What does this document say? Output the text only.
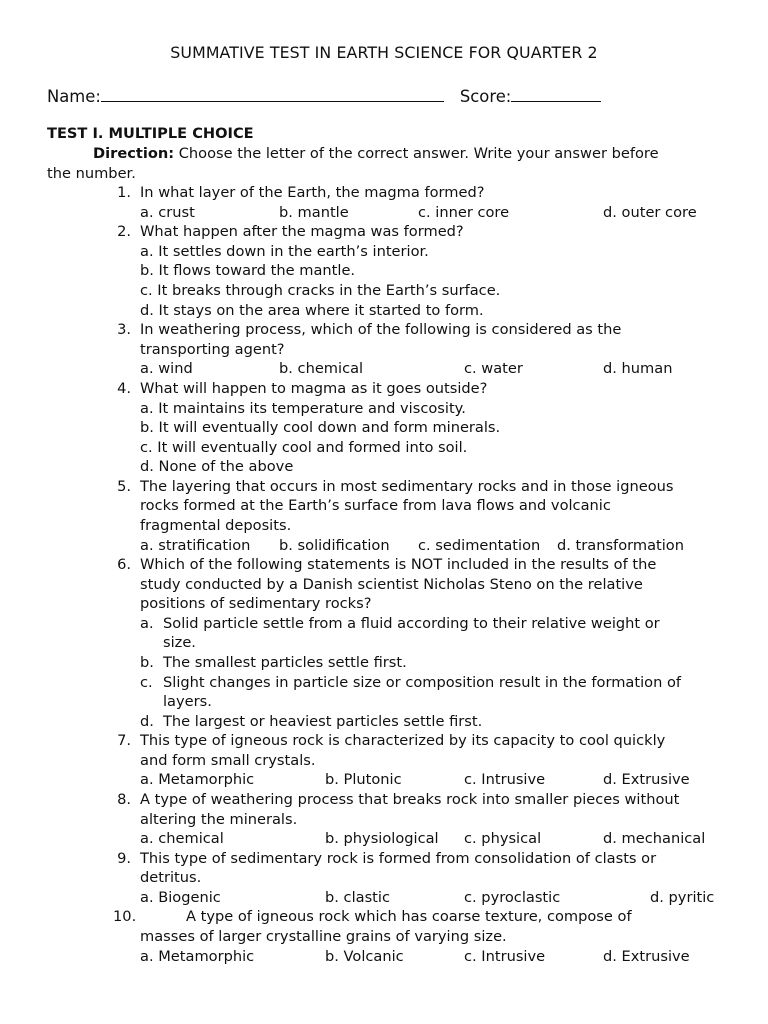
SUMMATIVE TEST IN EARTH SCIENCE FOR QUARTER 2
Name:	Score:
TEST I. MULTIPLE CHOICE
Direction: Choose the letter of the correct answer. Write your answer before
the number.
1. In what layer of the Earth, the magma formed?
a. crust	b. mantle	c. inner core	d. outer core
2. What happen after the magma was formed?
a. It settles down in the earth’s interior.
b. It flows toward the mantle.
c. It breaks through cracks in the Earth’s surface.
d. It stays on the area where it started to form.
3. In weathering process, which of the following is considered as the
transporting agent?
a. wind	b. chemical	c. water	d. human
4. What will happen to magma as it goes outside?
a. It maintains its temperature and viscosity.
b. It will eventually cool down and form minerals.
c. It will eventually cool and formed into soil.
d. None of the above
5. The layering that occurs in most sedimentary rocks and in those igneous
rocks formed at the Earth’s surface from lava flows and volcanic
fragmental deposits.
a. stratification b. solidification c. sedimentation d. transformation
6. Which of the following statements is NOT included in the results of the
study conducted by a Danish scientist Nicholas Steno on the relative
positions of sedimentary rocks?
a. Solid particle settle from a fluid according to their relative weight or
size.
b. The smallest particles settle first.
c. Slight changes in particle size or composition result in the formation of
layers.
d. The largest or heaviest particles settle first.
7. This type of igneous rock is characterized by its capacity to cool quickly
and form small crystals.
a. Metamorphic	b. Plutonic	c. Intrusive	d. Extrusive
8. A type of weathering process that breaks rock into smaller pieces without
altering the minerals.
a. chemical	b. physiological c. physical	d. mechanical
9. This type of sedimentary rock is formed from consolidation of clasts or
detritus.
a. Biogenic	b. clastic	c. pyroclastic	d. pyritic
10.	A type of igneous rock which has coarse texture, compose of
masses of larger crystalline grains of varying size.
a. Metamorphic	b. Volcanic	c. Intrusive	d. Extrusive
